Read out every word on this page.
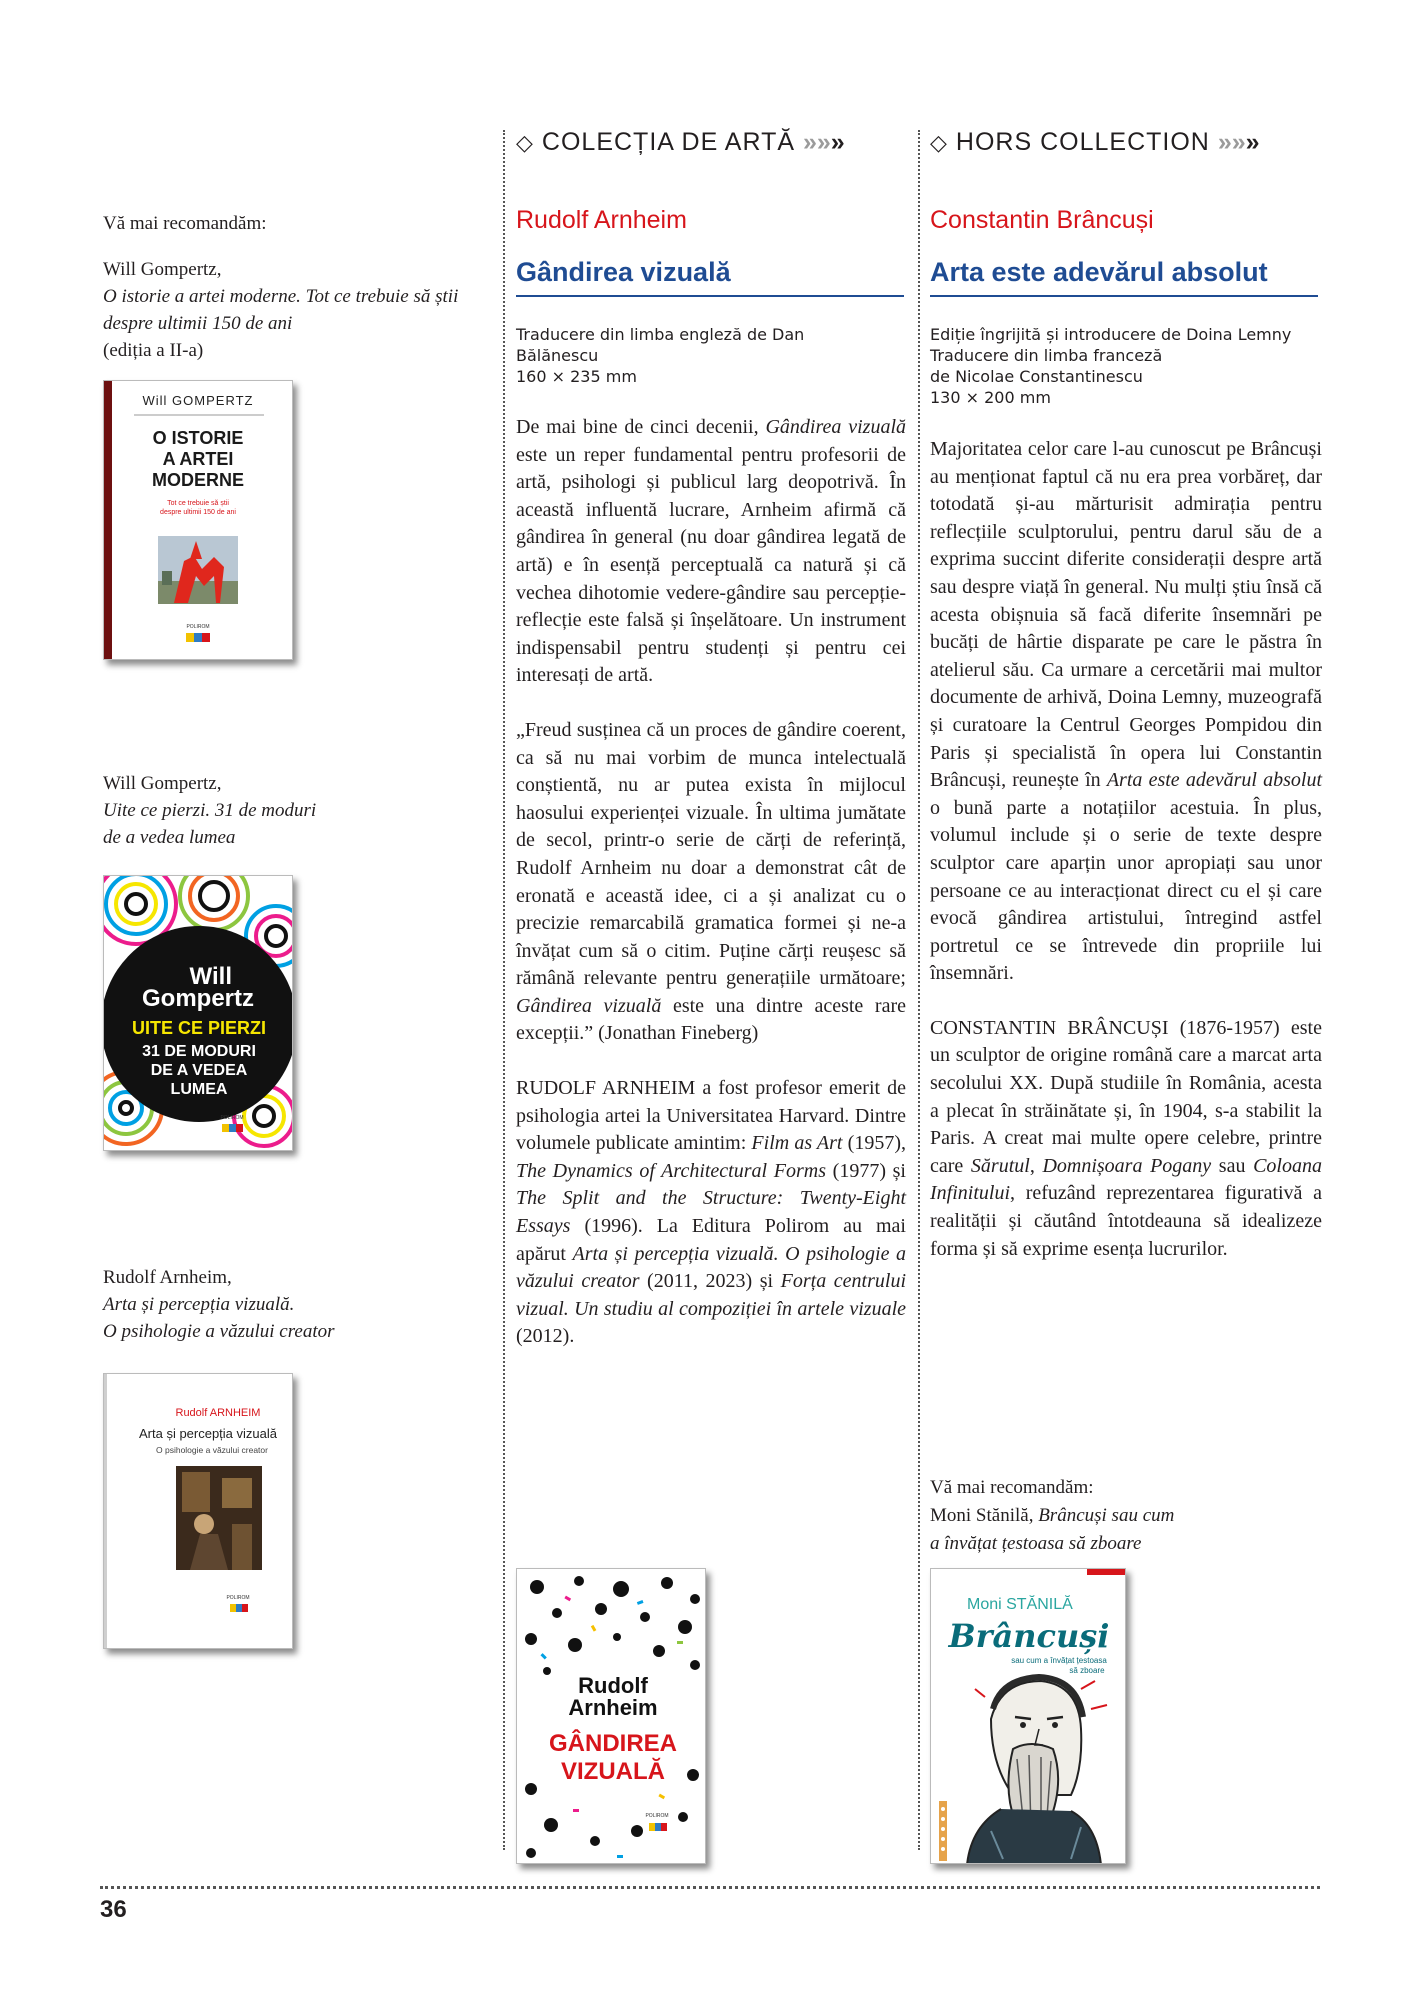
36
Vă mai recomandăm:
Will Gompertz,
O istorie a artei moderne. Tot ce trebuie să știi despre ultimii 150 de ani
(ediția a II-a)
Will GOMPERTZ
O ISTORIE
A ARTEI
MODERNE
Tot ce trebuie să știi
despre ultimii 150 de ani
POLIROM
Will Gompertz,
Uite ce pierzi. 31 de moduri
de a vedea lumea
Will
Gompertz
UITE CE PIERZI
31 DE MODURI
DE A VEDEA
LUMEA
POLIROM
Rudolf Arnheim,
Arta și percepția vizuală.
O psihologie a văzului creator
Rudolf ARNHEIM
Arta și percepția vizuală
O psihologie a văzului creator
POLIROM
◇ COLECȚIA DE ARTĂ »»»
Rudolf Arnheim
Gândirea vizuală
Traducere din limba engleză de Dan
Bălănescu
160 × 235 mm

De mai bine de cinci decenii, Gândirea vizuală este un reper fundamental pentru profesorii de artă, psihologi și publicul larg deopotrivă. În această influentă lucrare, Arnheim afirmă că gândirea în general (nu doar gândirea legată de artă) e în esență perceptuală ca natură și că vechea dihotomie vedere-gândire sau percepție-reflecție este falsă și înșelătoare. Un instrument indispensabil pentru studenți și pentru cei interesați de artă.

„Freud susținea că un proces de gândire coerent, ca să nu mai vorbim de munca intelectuală conștientă, nu ar putea exista în mijlocul haosului experienței vizuale. În ultima jumătate de secol, printr-o serie de cărți de referință, Rudolf Arnheim nu doar a demonstrat cât de eronată e această idee, ci a și analizat cu o precizie remarcabilă gramatica formei și ne-a învățat cum să o citim. Puține cărți reușesc să rămână relevante pentru generațiile următoare; Gândirea vizuală este una dintre aceste rare excepții.” (Jonathan Fineberg)

RUDOLF ARNHEIM a fost profesor emerit de psihologia artei la Universitatea Harvard. Dintre volumele publicate amintim: Film as Art (1957), The Dynamics of Architectural Forms (1977) și The Split and the Structure: Twenty-Eight Essays (1996). La Editura Polirom au mai apărut Arta și percepția vizuală. O psihologie a văzului creator (2011, 2023) și Forța centrului vizual. Un studiu al compoziției în artele vizuale (2012).

Rudolf
Arnheim
GÂNDIREA
VIZUALĂ
POLIROM
◇ HORS COLLECTION »»»
Constantin Brâncuși
Arta este adevărul absolut
Ediție îngrijită și introducere de Doina Lemny
Traducere din limba franceză
de Nicolae Constantinescu
130 × 200 mm

Majoritatea celor care l-au cunoscut pe Brâncuși au menționat faptul că nu era prea vorbăreț, dar totodată și-au mărturisit admirația pentru reflecțiile sculptorului, pentru darul său de a exprima succint diferite considerații despre artă sau despre viață în general. Nu mulți știu însă că acesta obișnuia să facă diferite însemnări pe bucăți de hârtie disparate pe care le păstra în atelierul său. Ca urmare a cercetării mai multor documente de arhivă, Doina Lemny, muzeografă și curatoare la Centrul Georges Pompidou din Paris și specialistă în opera lui Constantin Brâncuși, reunește în Arta este adevărul absolut o bună parte a notațiilor acestuia. În plus, volumul include și o serie de texte despre sculptor care aparțin unor apropiați sau unor persoane ce au interacționat direct cu el și care evocă gândirea artistului, întregind astfel portretul ce se întrevede din propriile lui însemnări.

CONSTANTIN BRÂNCUȘI (1876-1957) este un sculptor de origine română care a marcat arta secolului XX. După studiile în România, acesta a plecat în străinătate și, în 1904, s-a stabilit la Paris. A creat mai multe opere celebre, printre care Sărutul, Domnișoara Pogany sau Coloana Infinitului, refuzând reprezentarea figurativă a realității și căutând întotdeauna să idealizeze forma și să exprime esența lucrurilor.

Vă mai recomandăm:
Moni Stănilă, Brâncuși sau cum
a învățat țestoasa să zboare
Moni STĂNILĂ
Brâncuși
sau cum a învățat țestoasa
să zboare
POLIROM
